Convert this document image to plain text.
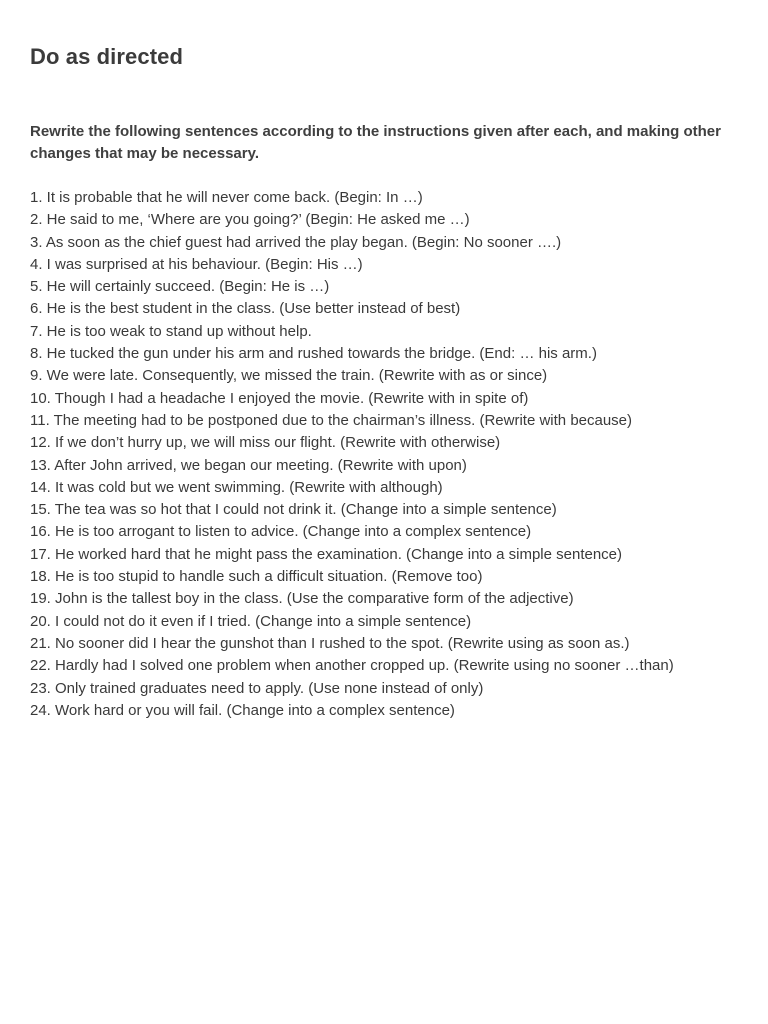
Do as directed

Rewrite the following sentences according to the instructions given after each, and making other changes that may be necessary.

1. It is probable that he will never come back. (Begin: In …)
2. He said to me, ‘Where are you going?’ (Begin: He asked me …)
3. As soon as the chief guest had arrived the play began. (Begin: No sooner ….)
4. I was surprised at his behaviour. (Begin: His …)
5. He will certainly succeed. (Begin: He is …)
6. He is the best student in the class. (Use better instead of best)
7. He is too weak to stand up without help.
8. He tucked the gun under his arm and rushed towards the bridge. (End: … his arm.)
9. We were late. Consequently, we missed the train. (Rewrite with as or since)
10. Though I had a headache I enjoyed the movie. (Rewrite with in spite of)
11. The meeting had to be postponed due to the chairman’s illness. (Rewrite with because)
12. If we don’t hurry up, we will miss our flight. (Rewrite with otherwise)
13. After John arrived, we began our meeting. (Rewrite with upon)
14. It was cold but we went swimming. (Rewrite with although)
15. The tea was so hot that I could not drink it. (Change into a simple sentence)
16. He is too arrogant to listen to advice. (Change into a complex sentence)
17. He worked hard that he might pass the examination. (Change into a simple sentence)
18. He is too stupid to handle such a difficult situation. (Remove too)
19. John is the tallest boy in the class. (Use the comparative form of the adjective)
20. I could not do it even if I tried. (Change into a simple sentence)
21. No sooner did I hear the gunshot than I rushed to the spot. (Rewrite using as soon as.)
22. Hardly had I solved one problem when another cropped up. (Rewrite using no sooner …than)
23. Only trained graduates need to apply. (Use none instead of only)
24. Work hard or you will fail. (Change into a complex sentence)
